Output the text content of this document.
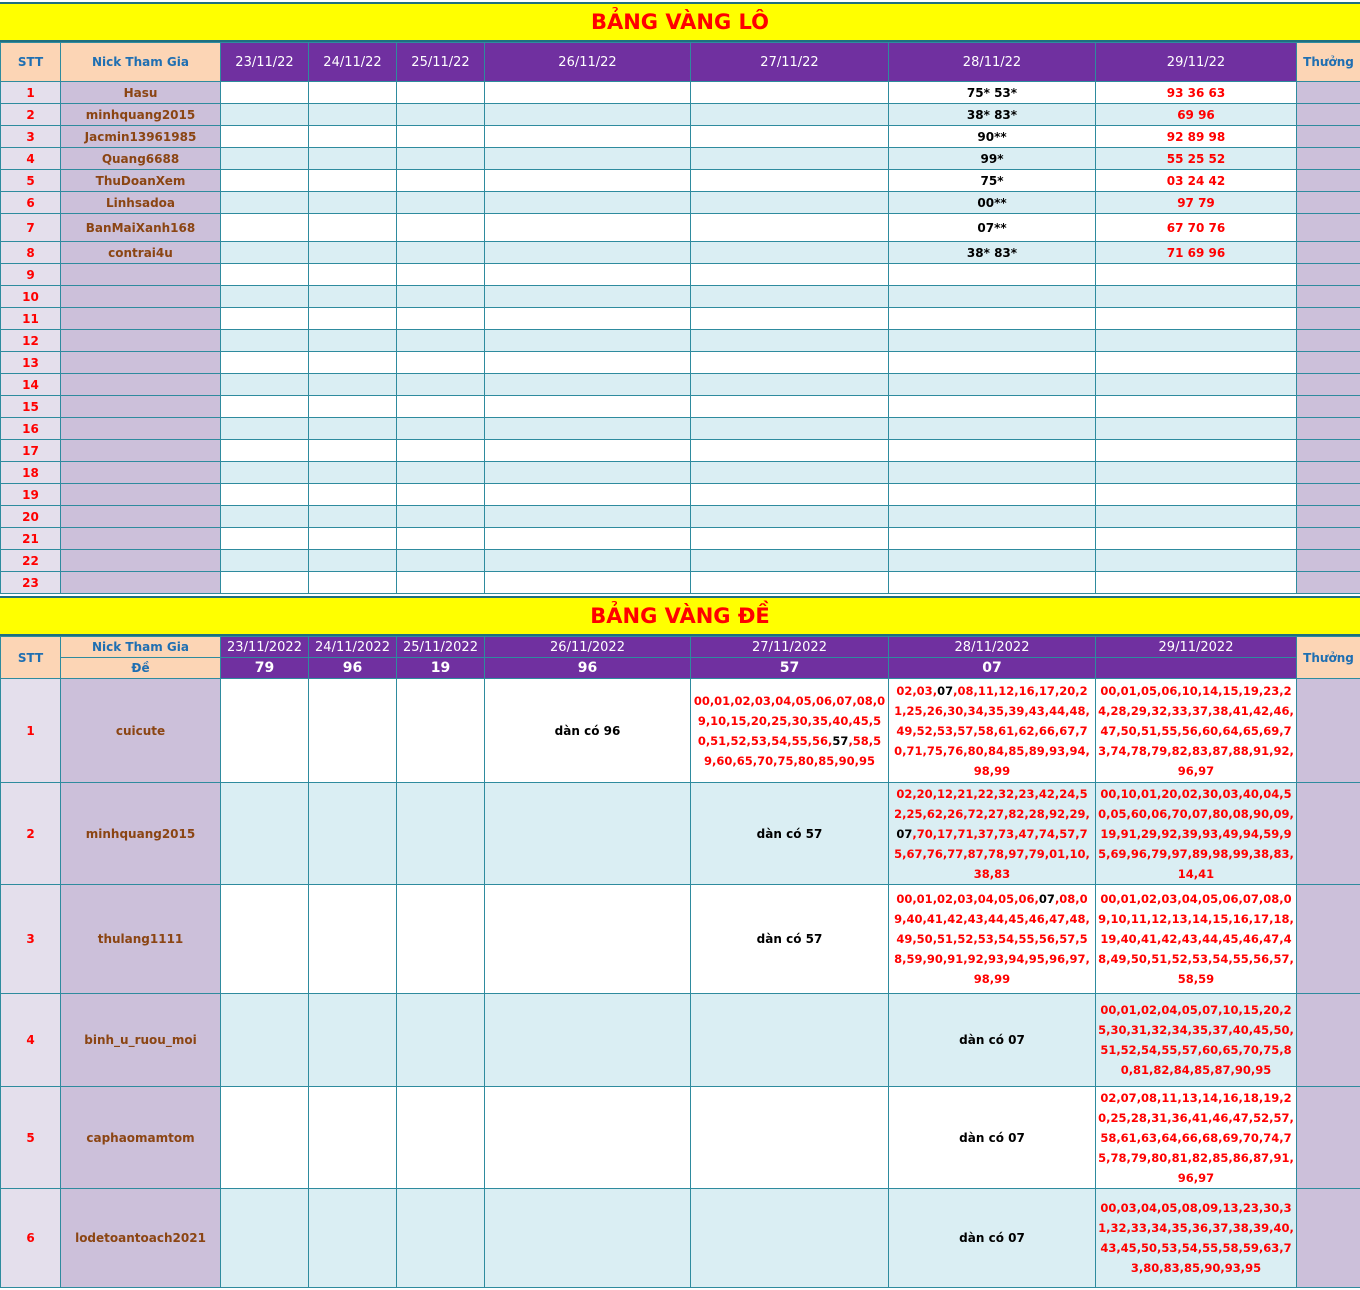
BẢNG VÀNG LÔ
STT	Nick Tham Gia	23/11/22	24/11/22	25/11/22	26/11/22	27/11/22	28/11/22	29/11/22	Thưởng
1	Hasu						75* 53*	93 36 63	
2	minhquang2015						38* 83*	69 96	
3	Jacmin13961985						90**	92 89 98	
4	Quang6688						99*	55 25 52	
5	ThuDoanXem						75*	03 24 42	
6	Linhsadoa						00**	97 79	
7	BanMaiXanh168						07**	67 70 76	
8	contrai4u						38* 83*	71 69 96	
9									
10									
11									
12									
13									
14									
15									
16									
17									
18									
19									
20									
21									
22									
23									
BẢNG VÀNG ĐỀ
STT	Nick Tham Gia	23/11/2022	24/11/2022	25/11/2022	26/11/2022	27/11/2022	28/11/2022	29/11/2022	Thưởng
	Đề	79	96	19	96	57	07		
1	cuicute				dàn có 96	00,01,02,03,04,05,06,07,08,09,10,15,20,25,30,35,40,45,50,51,52,53,54,55,56,57,58,59,60,65,70,75,80,85,90,95	02,03,07,08,11,12,16,17,20,21,25,26,30,34,35,39,43,44,48,49,52,53,57,58,61,62,66,67,70,71,75,76,80,84,85,89,93,94,98,99	00,01,05,06,10,14,15,19,23,24,28,29,32,33,37,38,41,42,46,47,50,51,55,56,60,64,65,69,73,74,78,79,82,83,87,88,91,92,96,97	

2	minhquang2015					dàn có 57	02,20,12,21,22,32,23,42,24,52,25,62,26,72,27,82,28,92,29,07,70,17,71,37,73,47,74,57,75,67,76,77,87,78,97,79,01,10,38,83	00,10,01,20,02,30,03,40,04,50,05,60,06,70,07,80,08,90,09,19,91,29,92,39,93,49,94,59,95,69,96,79,97,89,98,99,38,83,14,41	

3	thulang1111					dàn có 57	00,01,02,03,04,05,06,07,08,09,40,41,42,43,44,45,46,47,48,49,50,51,52,53,54,55,56,57,58,59,90,91,92,93,94,95,96,97,98,99	00,01,02,03,04,05,06,07,08,09,10,11,12,13,14,15,16,17,18,19,40,41,42,43,44,45,46,47,48,49,50,51,52,53,54,55,56,57,58,59	

4	binh_u_ruou_moi						dàn có 07	00,01,02,04,05,07,10,15,20,25,30,31,32,34,35,37,40,45,50,51,52,54,55,57,60,65,70,75,80,81,82,84,85,87,90,95	

5	caphaomamtom						dàn có 07	02,07,08,11,13,14,16,18,19,20,25,28,31,36,41,46,47,52,57,58,61,63,64,66,68,69,70,74,75,78,79,80,81,82,85,86,87,91,96,97	

6	lodetoantoach2021						dàn có 07	00,03,04,05,08,09,13,23,30,31,32,33,34,35,36,37,38,39,40,43,45,50,53,54,55,58,59,63,73,80,83,85,90,93,95	
